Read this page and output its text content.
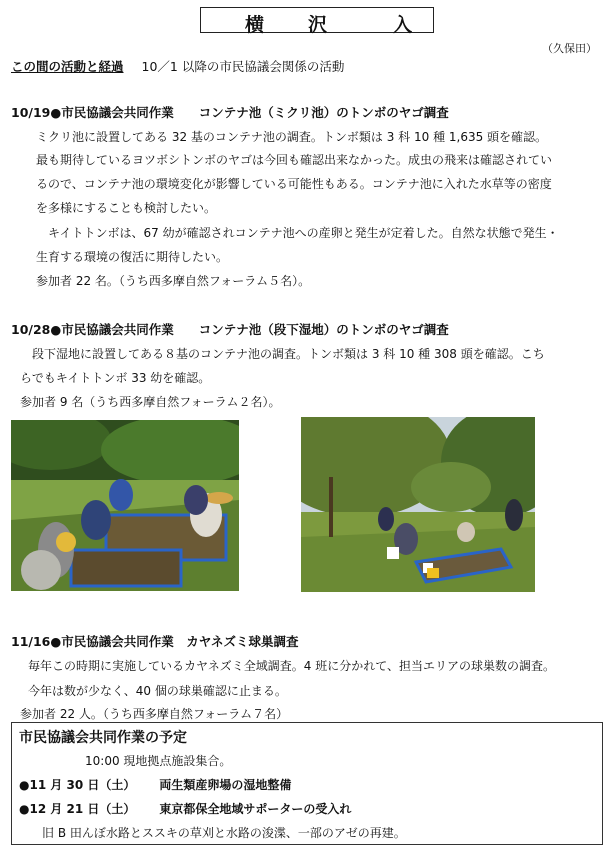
横 沢	入
（久保田）
この間の活動と経過 10／1 以降の市民協議会関係の活動
10/19●市民協議会共同作業　　コンテナ池（ミクリ池）のトンボのヤゴ調査
ミクリ池に設置してある 32 基のコンテナ池の調査。トンボ類は 3 科 10 種 1,635 頭を確認。
最も期待しているヨツボシトンボのヤゴは今回も確認出来なかった。成虫の飛来は確認されてい
るので、コンテナ池の環境変化が影響している可能性もある。コンテナ池に入れた水草等の密度
を多様にすることも検討したい。
　キイトトンボは、67 幼が確認されコンテナ池への産卵と発生が定着した。自然な状態で発生・
生育する環境の復活に期待したい。
参加者 22 名。（うち西多摩自然フォーラム５名）。
10/28●市民協議会共同作業　　コンテナ池（段下湿地）のトンボのヤゴ調査
　段下湿地に設置してある８基のコンテナ池の調査。トンボ類は 3 科 10 種 308 頭を確認。こち
らでもキイトトンボ 33 幼を確認。
参加者 9 名（うち西多摩自然フォーラム２名）。
11/16●市民協議会共同作業　カヤネズミ球巣調査
毎年この時期に実施しているカヤネズミ全域調査。4 班に分かれて、担当エリアの球巣数の調査。
今年は数が少なく、40 個の球巣確認に止まる。
参加者 22 人。（うち西多摩自然フォーラム７名）
市民協議会共同作業の予定
10:00 現地拠点施設集合。
●11 月 30 日（土） 両生類産卵場の湿地整備
●12 月 21 日（土） 東京都保全地域サポーターの受入れ
旧 B 田んぼ水路とススキの草刈と水路の浚渫、一部のアゼの再建。
